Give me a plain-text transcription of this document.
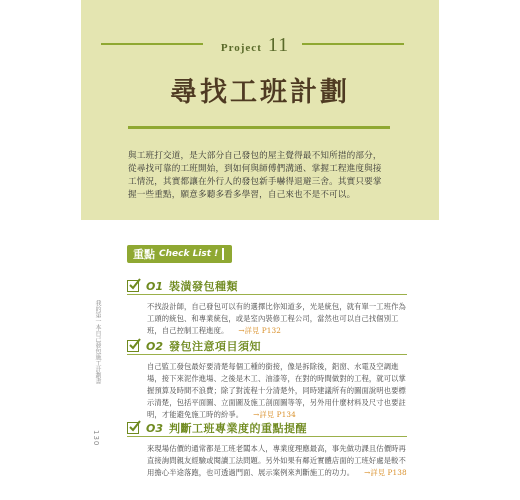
Project 11
尋找工班計劃
與工班打交道，是大部分自己發包的屋主覺得最不知所措的部分，從尋找可靠的工班開始，到如何與師傅們溝通、掌握工程進度與接工情況，其實都讓在外行人的發包新手嚇得退避三舍。其實只要掌握一些重點，願意多聽多看多學習，自己來也不是不可以。
重點 Check List !
O1 裝潢發包種類
不找設計師，自己發包可以有的選擇比你知道多，光是統包，就有單一工班作為工頭的統包、和專業統包，或是室內裝修工程公司，當然也可以自己找個別工班，自己控制工程進度。 →詳見 P132
O2 發包注意項目須知
自己監工發包最好要清楚每個工種的銜接，像是拆除後，鋁窗、水電及空調進場，接下來泥作進場、之後是木工、油漆等，在對的時間做對的工程，就可以掌握預算及時間不浪費；除了對流程十分清楚外，同時建議所有的圖面說明也要標示清楚，包括平面圖、立面圖及施工剖面圖等等，另外用什麼材料及尺寸也要註明，才能避免施工時的紛爭。 →詳見 P134
O3 判斷工班專業度的重點提醒
來現場估價的通常都是工班老闆本人，專業度理應最高，事先做功課且估價時再直接詢問親友經驗或閱讀工法問題。另外如果有鄰近實體店面的工班好處是較不用擔心半途落跑，也可透過門面、展示案例來判斷施工的功力。 →詳見 P138
我的第一本自己發包施工計劃書
130
